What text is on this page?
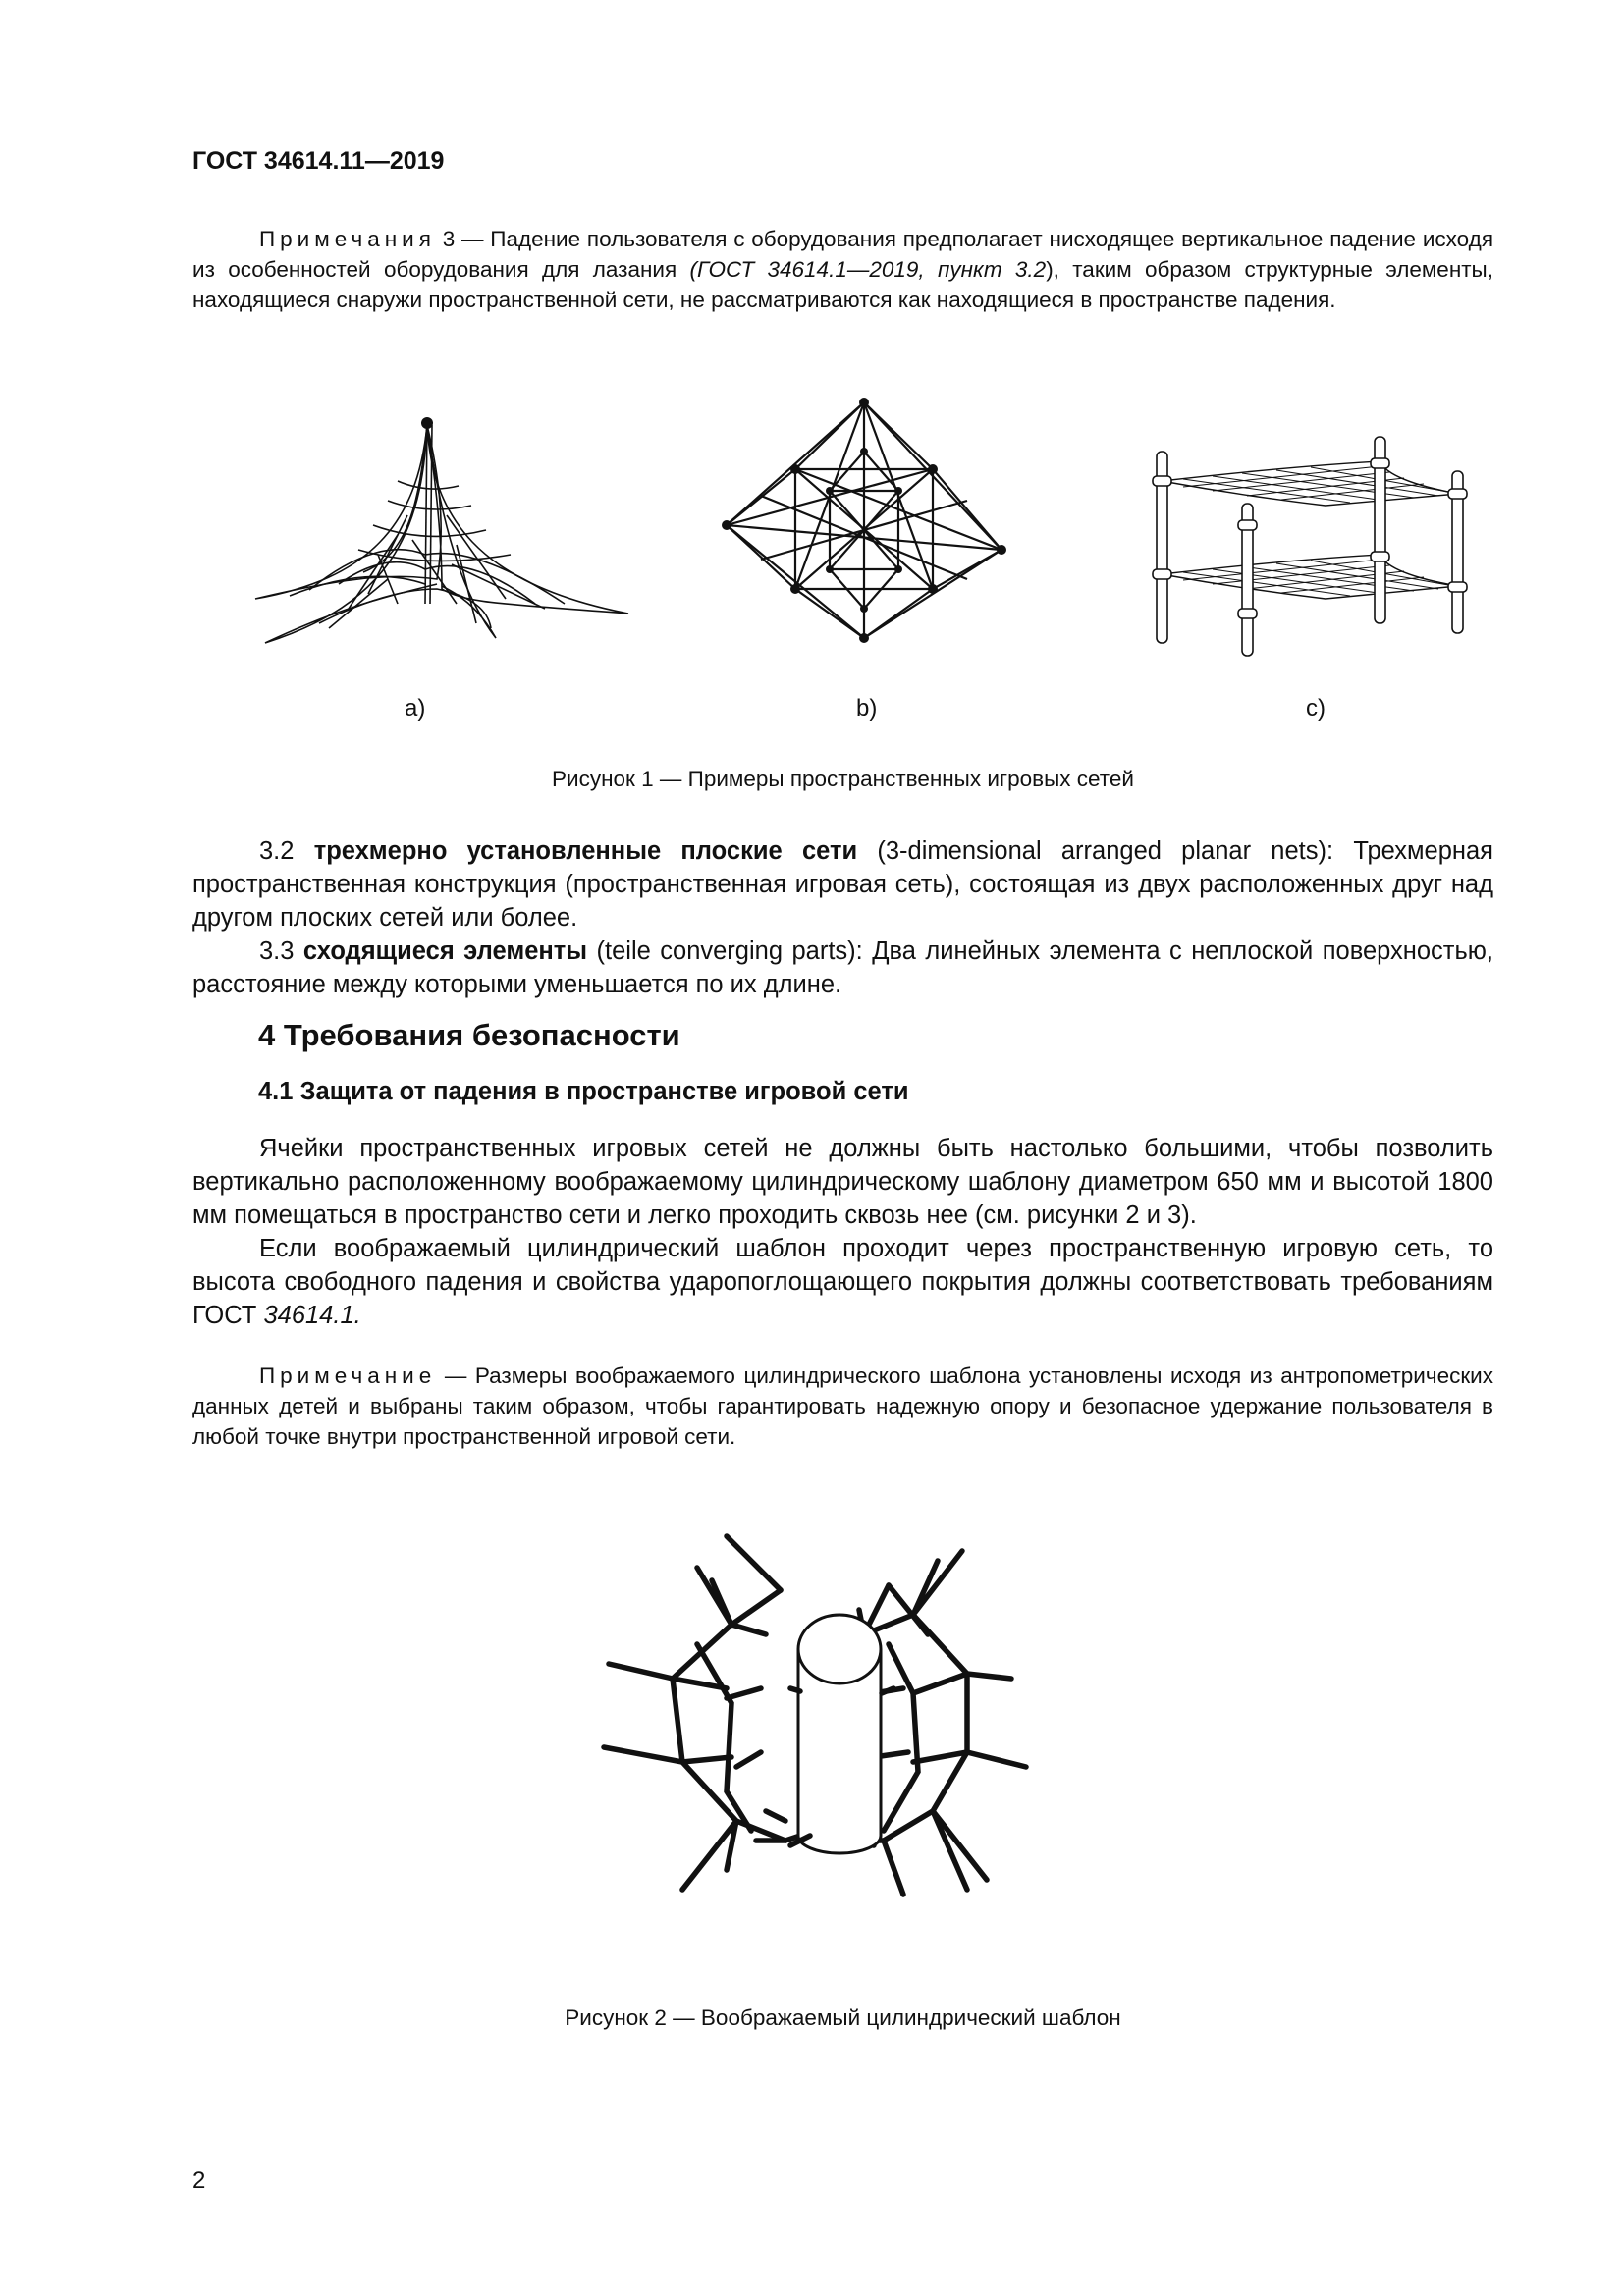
ГОСТ 34614.11—2019
Примечания 3 — Падение пользователя с оборудования предполагает нисходящее вертикальное падение исходя из особенностей оборудования для лазания (ГОСТ 34614.1—2019, пункт 3.2), таким образом структурные элементы, находящиеся снаружи пространственной сети, не рассматриваются как находящиеся в пространстве падения.
a)	b)	c)
Рисунок 1 — Примеры пространственных игровых сетей
3.2 трехмерно установленные плоские сети (3-dimensional arranged planar nets): Трехмерная пространственная конструкция (пространственная игровая сеть), состоящая из двух расположенных друг над другом плоских сетей или более.
3.3 сходящиеся элементы (teile converging parts): Два линейных элемента с неплоской поверхностью, расстояние между которыми уменьшается по их длине.
4 Требования безопасности
4.1 Защита от падения в пространстве игровой сети
Ячейки пространственных игровых сетей не должны быть настолько большими, чтобы позволить вертикально расположенному воображаемому цилиндрическому шаблону диаметром 650 мм и высотой 1800 мм помещаться в пространство сети и легко проходить сквозь нее (см. рисунки 2 и 3).
Если воображаемый цилиндрический шаблон проходит через пространственную игровую сеть, то высота свободного падения и свойства ударопоглощающего покрытия должны соответствовать требованиям ГОСТ 34614.1.
Примечание — Размеры воображаемого цилиндрического шаблона установлены исходя из антропометрических данных детей и выбраны таким образом, чтобы гарантировать надежную опору и безопасное удержание пользователя в любой точке внутри пространственной игровой сети.
Рисунок 2 — Воображаемый цилиндрический шаблон
2
